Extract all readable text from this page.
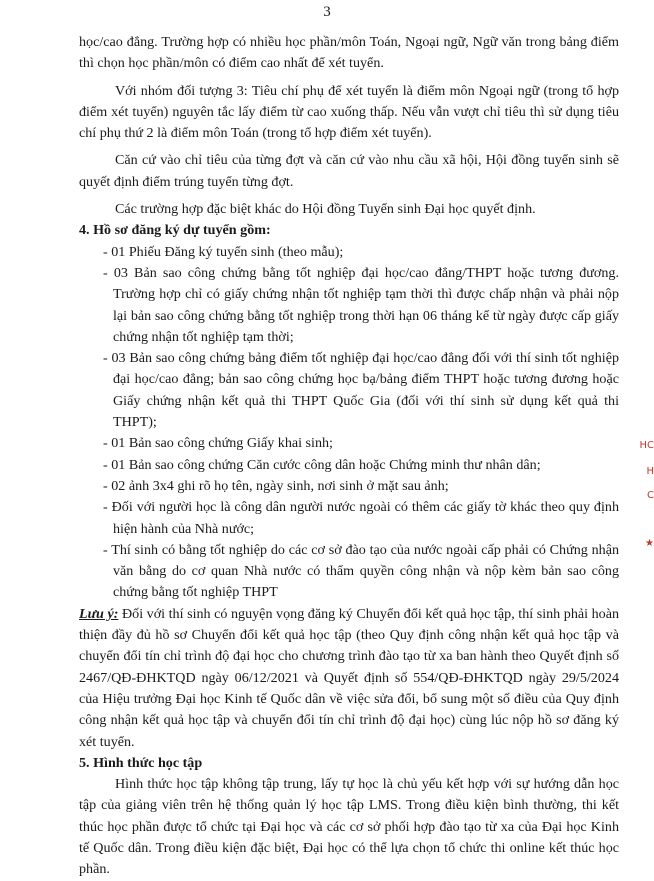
3

học/cao đẳng. Trường hợp có nhiều học phần/môn Toán, Ngoại ngữ, Ngữ văn trong bảng điểm thì chọn học phần/môn có điểm cao nhất để xét tuyển.

Với nhóm đối tượng 3: Tiêu chí phụ để xét tuyển là điểm môn Ngoại ngữ (trong tổ hợp điểm xét tuyển) nguyên tắc lấy điểm từ cao xuống thấp. Nếu vẫn vượt chỉ tiêu thì sử dụng tiêu chí phụ thứ 2 là điểm môn Toán (trong tổ hợp điểm xét tuyển).

Căn cứ vào chỉ tiêu của từng đợt và căn cứ vào nhu cầu xã hội, Hội đồng tuyển sinh sẽ quyết định điểm trúng tuyển từng đợt.

Các trường hợp đặc biệt khác do Hội đồng Tuyển sinh Đại học quyết định.

4. Hồ sơ đăng ký dự tuyển gồm:

- 01 Phiếu Đăng ký tuyển sinh (theo mẫu);

- 03 Bản sao công chứng bằng tốt nghiệp đại học/cao đẳng/THPT hoặc tương đương. Trường hợp chỉ có giấy chứng nhận tốt nghiệp tạm thời thì được chấp nhận và phải nộp lại bản sao công chứng bằng tốt nghiệp trong thời hạn 06 tháng kể từ ngày được cấp giấy chứng nhận tốt nghiệp tạm thời;

- 03 Bản sao công chứng bảng điểm tốt nghiệp đại học/cao đẳng đối với thí sinh tốt nghiệp đại học/cao đẳng; bản sao công chứng học bạ/bảng điểm THPT hoặc tương đương hoặc Giấy chứng nhận kết quả thi THPT Quốc Gia (đối với thí sinh sử dụng kết quả thi THPT);

- 01 Bản sao công chứng Giấy khai sinh;

- 01 Bản sao công chứng Căn cước công dân hoặc Chứng minh thư nhân dân;

- 02 ảnh 3x4 ghi rõ họ tên, ngày sinh, nơi sinh ở mặt sau ảnh;

- Đối với người học là công dân người nước ngoài có thêm các giấy tờ khác theo quy định hiện hành của Nhà nước;

- Thí sinh có bằng tốt nghiệp do các cơ sở đào tạo của nước ngoài cấp phải có Chứng nhận văn bằng do cơ quan Nhà nước có thẩm quyền công nhận và nộp kèm bản sao công chứng bằng tốt nghiệp THPT

Lưu ý: Đối với thí sinh có nguyện vọng đăng ký Chuyển đổi kết quả học tập, thí sinh phải hoàn thiện đầy đủ hồ sơ Chuyển đổi kết quả học tập (theo Quy định công nhận kết quả học tập và chuyển đổi tín chỉ trình độ đại học cho chương trình đào tạo từ xa ban hành theo Quyết định số 2467/QĐ-ĐHKTQD ngày 06/12/2021 và Quyết định số 554/QĐ-ĐHKTQD ngày 29/5/2024 của Hiệu trưởng Đại học Kinh tế Quốc dân về việc sửa đổi, bổ sung một số điều của Quy định công nhận kết quả học tập và chuyển đổi tín chỉ trình độ đại học) cùng lúc nộp hồ sơ đăng ký xét tuyển.

5. Hình thức học tập

Hình thức học tập không tập trung, lấy tự học là chủ yếu kết hợp với sự hướng dẫn học tập của giảng viên trên hệ thống quản lý học tập LMS. Trong điều kiện bình thường, thi kết thúc học phần được tổ chức tại Đại học và các cơ sở phối hợp đào tạo từ xa của Đại học Kinh tế Quốc dân. Trong điều kiện đặc biệt, Đại học có thể lựa chọn tổ chức thi online kết thúc học phần.

HC
H
C
★
